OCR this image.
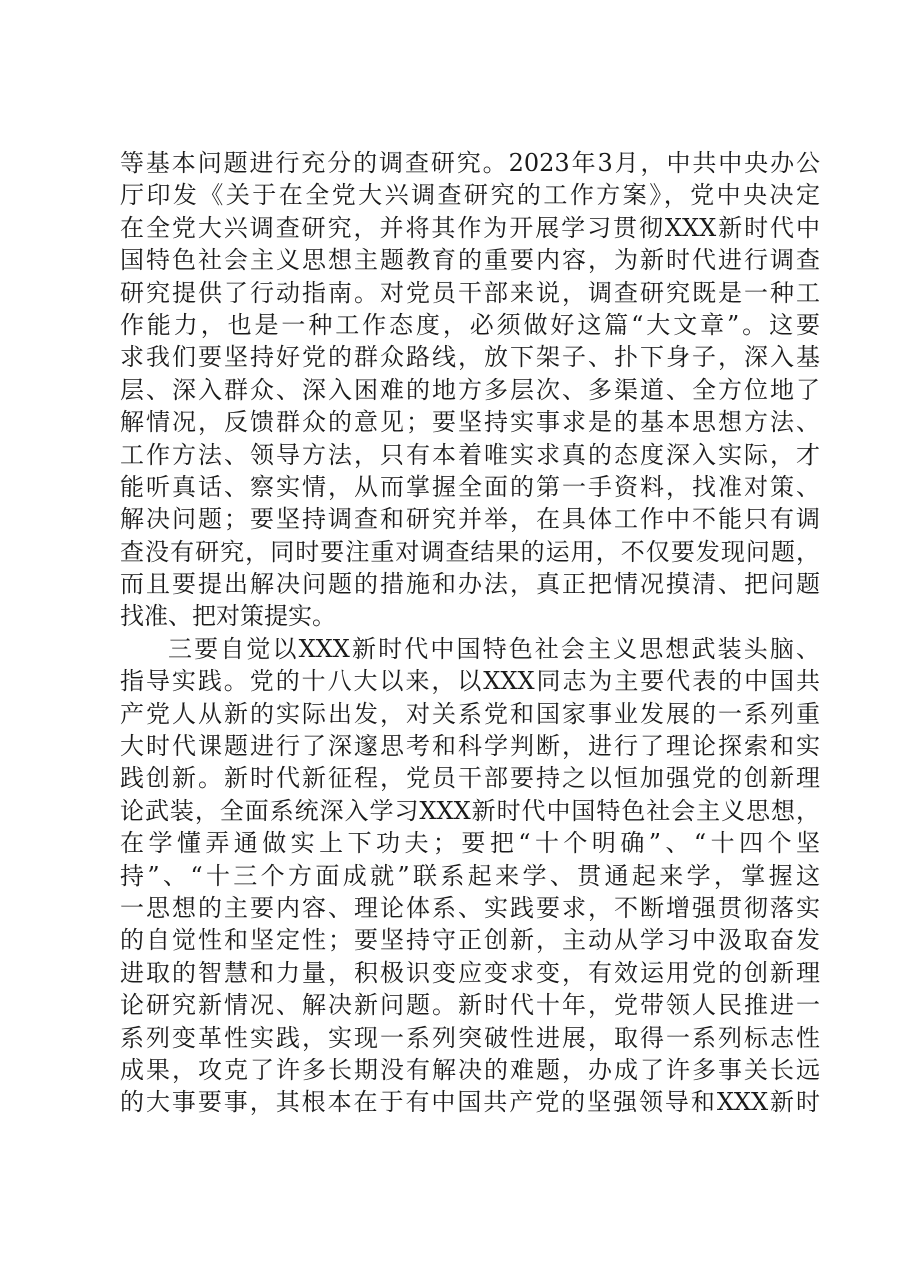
等基本问题进行充分的调查研究。2023年3月，中共中央办公
厅印发《关于在全党大兴调查研究的工作方案》，党中央决定
在全党大兴调查研究，并将其作为开展学习贯彻XXX新时代中
国特色社会主义思想主题教育的重要内容，为新时代进行调查
研究提供了行动指南。对党员干部来说，调查研究既是一种工
作能力，也是一种工作态度，必须做好这篇“大文章”。这要
求我们要坚持好党的群众路线，放下架子、扑下身子，深入基
层、深入群众、深入困难的地方多层次、多渠道、全方位地了
解情况，反馈群众的意见；要坚持实事求是的基本思想方法、
工作方法、领导方法，只有本着唯实求真的态度深入实际，才
能听真话、察实情，从而掌握全面的第一手资料，找准对策、
解决问题；要坚持调查和研究并举，在具体工作中不能只有调
查没有研究，同时要注重对调查结果的运用，不仅要发现问题，
而且要提出解决问题的措施和办法，真正把情况摸清、把问题
找准、把对策提实。
三要自觉以XXX新时代中国特色社会主义思想武装头脑、
指导实践。党的十八大以来，以XXX同志为主要代表的中国共
产党人从新的实际出发，对关系党和国家事业发展的一系列重
大时代课题进行了深邃思考和科学判断，进行了理论探索和实
践创新。新时代新征程，党员干部要持之以恒加强党的创新理
论武装，全面系统深入学习XXX新时代中国特色社会主义思想，
在学懂弄通做实上下功夫；要把“十个明确”、“十四个坚
持”、“十三个方面成就”联系起来学、贯通起来学，掌握这
一思想的主要内容、理论体系、实践要求，不断增强贯彻落实
的自觉性和坚定性；要坚持守正创新，主动从学习中汲取奋发
进取的智慧和力量，积极识变应变求变，有效运用党的创新理
论研究新情况、解决新问题。新时代十年，党带领人民推进一
系列变革性实践，实现一系列突破性进展，取得一系列标志性
成果，攻克了许多长期没有解决的难题，办成了许多事关长远
的大事要事，其根本在于有中国共产党的坚强领导和XXX新时
